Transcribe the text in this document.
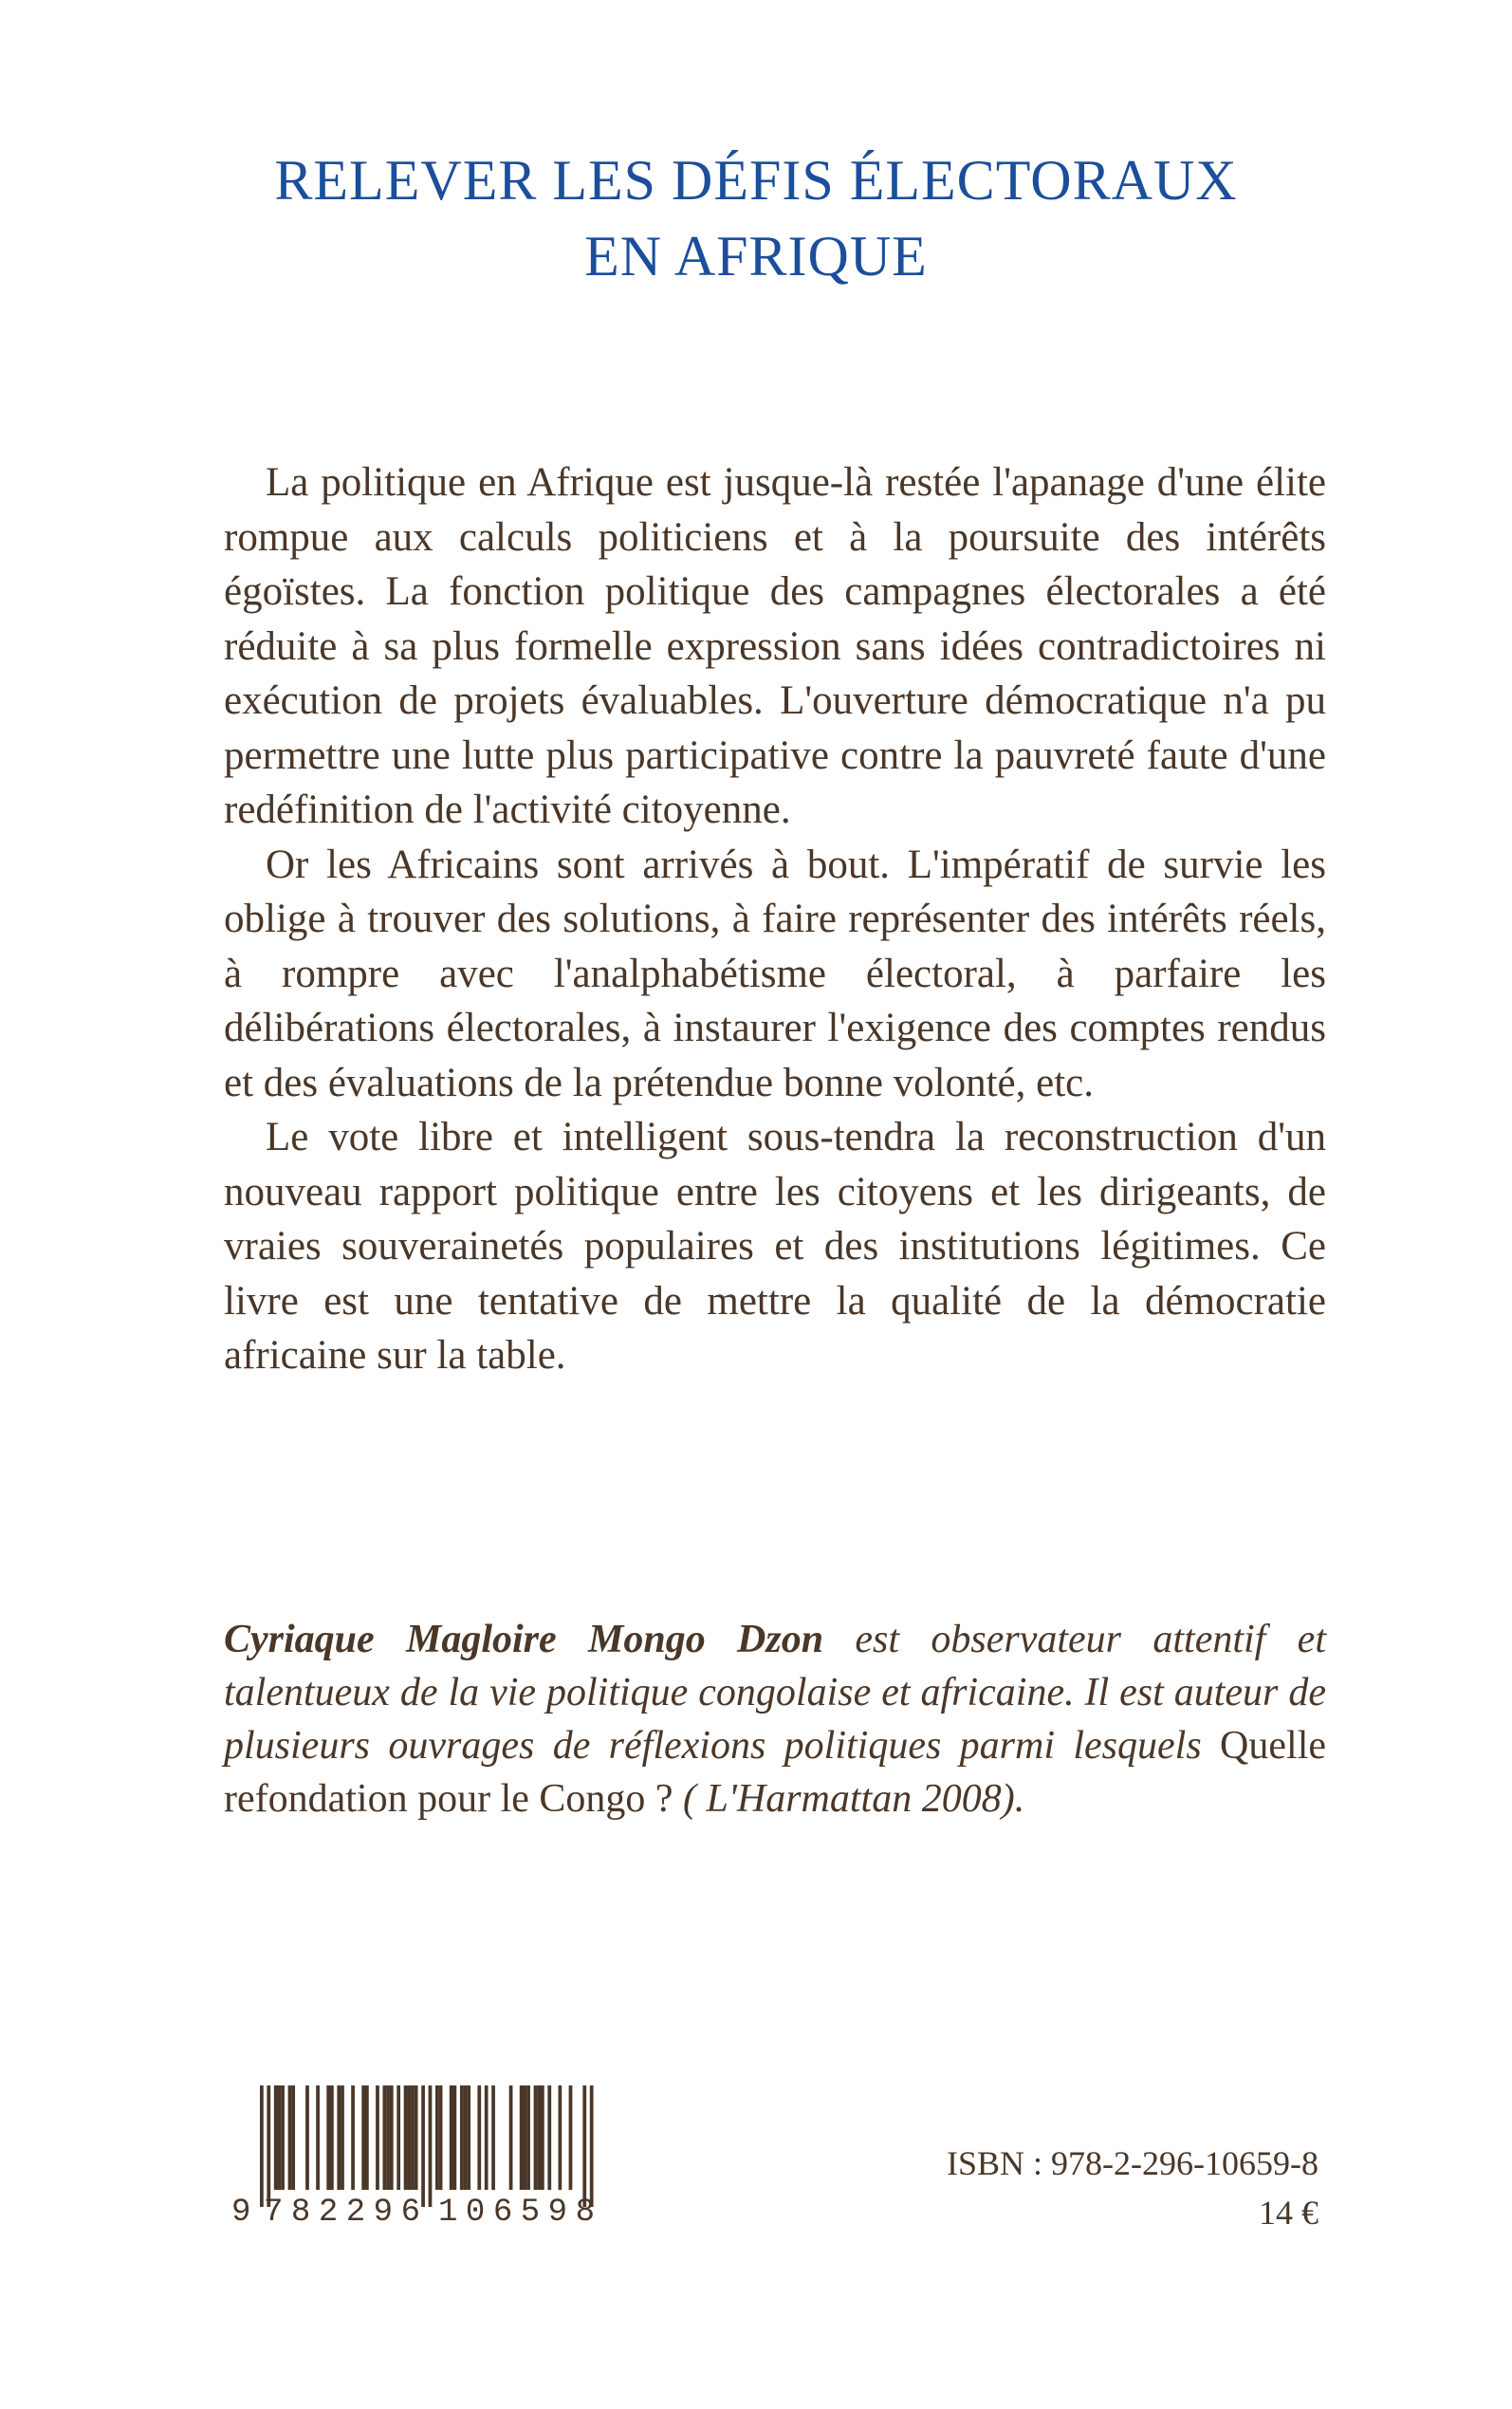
RELEVER LES DÉFIS ÉLECTORAUX
EN AFRIQUE

La politique en Afrique est jusque-là restée l'apanage d'une élite rompue aux calculs politiciens et à la poursuite des intérêts égoïstes. La fonction politique des campagnes électorales a été réduite à sa plus formelle expression sans idées contradictoires ni exécution de projets évaluables. L'ouverture démocratique n'a pu permettre une lutte plus participative contre la pauvreté faute d'une redéfinition de l'activité citoyenne.

Or les Africains sont arrivés à bout. L'impératif de survie les oblige à trouver des solutions, à faire représenter des intérêts réels, à rompre avec l'analphabétisme électoral, à parfaire les délibérations électorales, à instaurer l'exigence des comptes rendus et des évaluations de la prétendue bonne volonté, etc.

Le vote libre et intelligent sous-tendra la reconstruction d'un nouveau rapport politique entre les citoyens et les dirigeants, de vraies souverainetés populaires et des institutions légitimes. Ce livre est une tentative de mettre la qualité de la démocratie africaine sur la table.

Cyriaque Magloire Mongo Dzon est observateur attentif et talentueux de la vie politique congolaise et africaine. Il est auteur de plusieurs ouvrages de réflexions politiques parmi lesquels Quelle refondation pour le Congo ? ( L'Harmattan 2008).

9 782296 106598
ISBN : 978-2-296-10659-8
14 €
